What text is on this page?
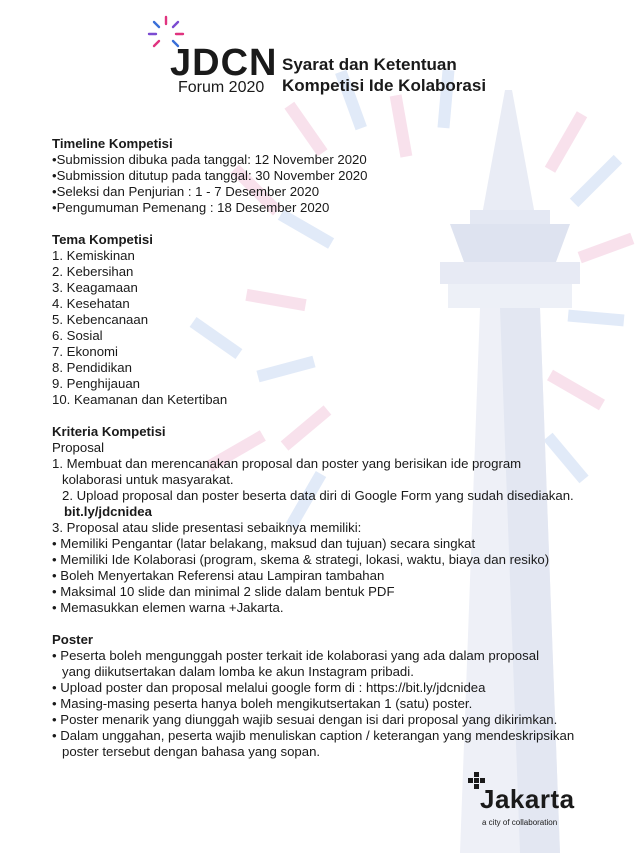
JDCN
Forum 2020
Syarat dan Ketentuan
Kompetisi Ide Kolaborasi
Timeline Kompetisi
•Submission dibuka pada tanggal: 12 November 2020
•Submission ditutup pada tanggal: 30 November 2020
•Seleksi dan Penjurian : 1 - 7 Desember 2020
•Pengumuman Pemenang : 18 Desember 2020
Tema Kompetisi
1. Kemiskinan
2. Kebersihan
3. Keagamaan
4. Kesehatan
5. Kebencanaan
6. Sosial
7. Ekonomi
8. Pendidikan
9. Penghijauan
10. Keamanan dan Ketertiban
Kriteria Kompetisi
Proposal
1. Membuat dan merencanakan proposal dan poster yang berisikan ide program
kolaborasi untuk masyarakat.
2. Upload proposal dan poster beserta data diri di Google Form yang sudah disediakan.
bit.ly/jdcnidea
3. Proposal atau slide presentasi sebaiknya memiliki:
• Memiliki Pengantar (latar belakang, maksud dan tujuan) secara singkat
• Memiliki Ide Kolaborasi (program, skema & strategi, lokasi, waktu, biaya dan resiko)
• Boleh Menyertakan Referensi atau Lampiran tambahan
• Maksimal 10 slide dan minimal 2 slide dalam bentuk PDF
• Memasukkan elemen warna +Jakarta.
Poster
• Peserta boleh mengunggah poster terkait ide kolaborasi yang ada dalam proposal
yang diikutsertakan dalam lomba ke akun Instagram pribadi.
• Upload poster dan proposal melalui google form di : https://bit.ly/jdcnidea
• Masing-masing peserta hanya boleh mengikutsertakan 1 (satu) poster.
• Poster menarik yang diunggah wajib sesuai dengan isi dari proposal yang dikirimkan.
• Dalam unggahan, peserta wajib menuliskan caption / keterangan yang mendeskripsikan
poster tersebut dengan bahasa yang sopan.
Jakarta
a city of collaboration
